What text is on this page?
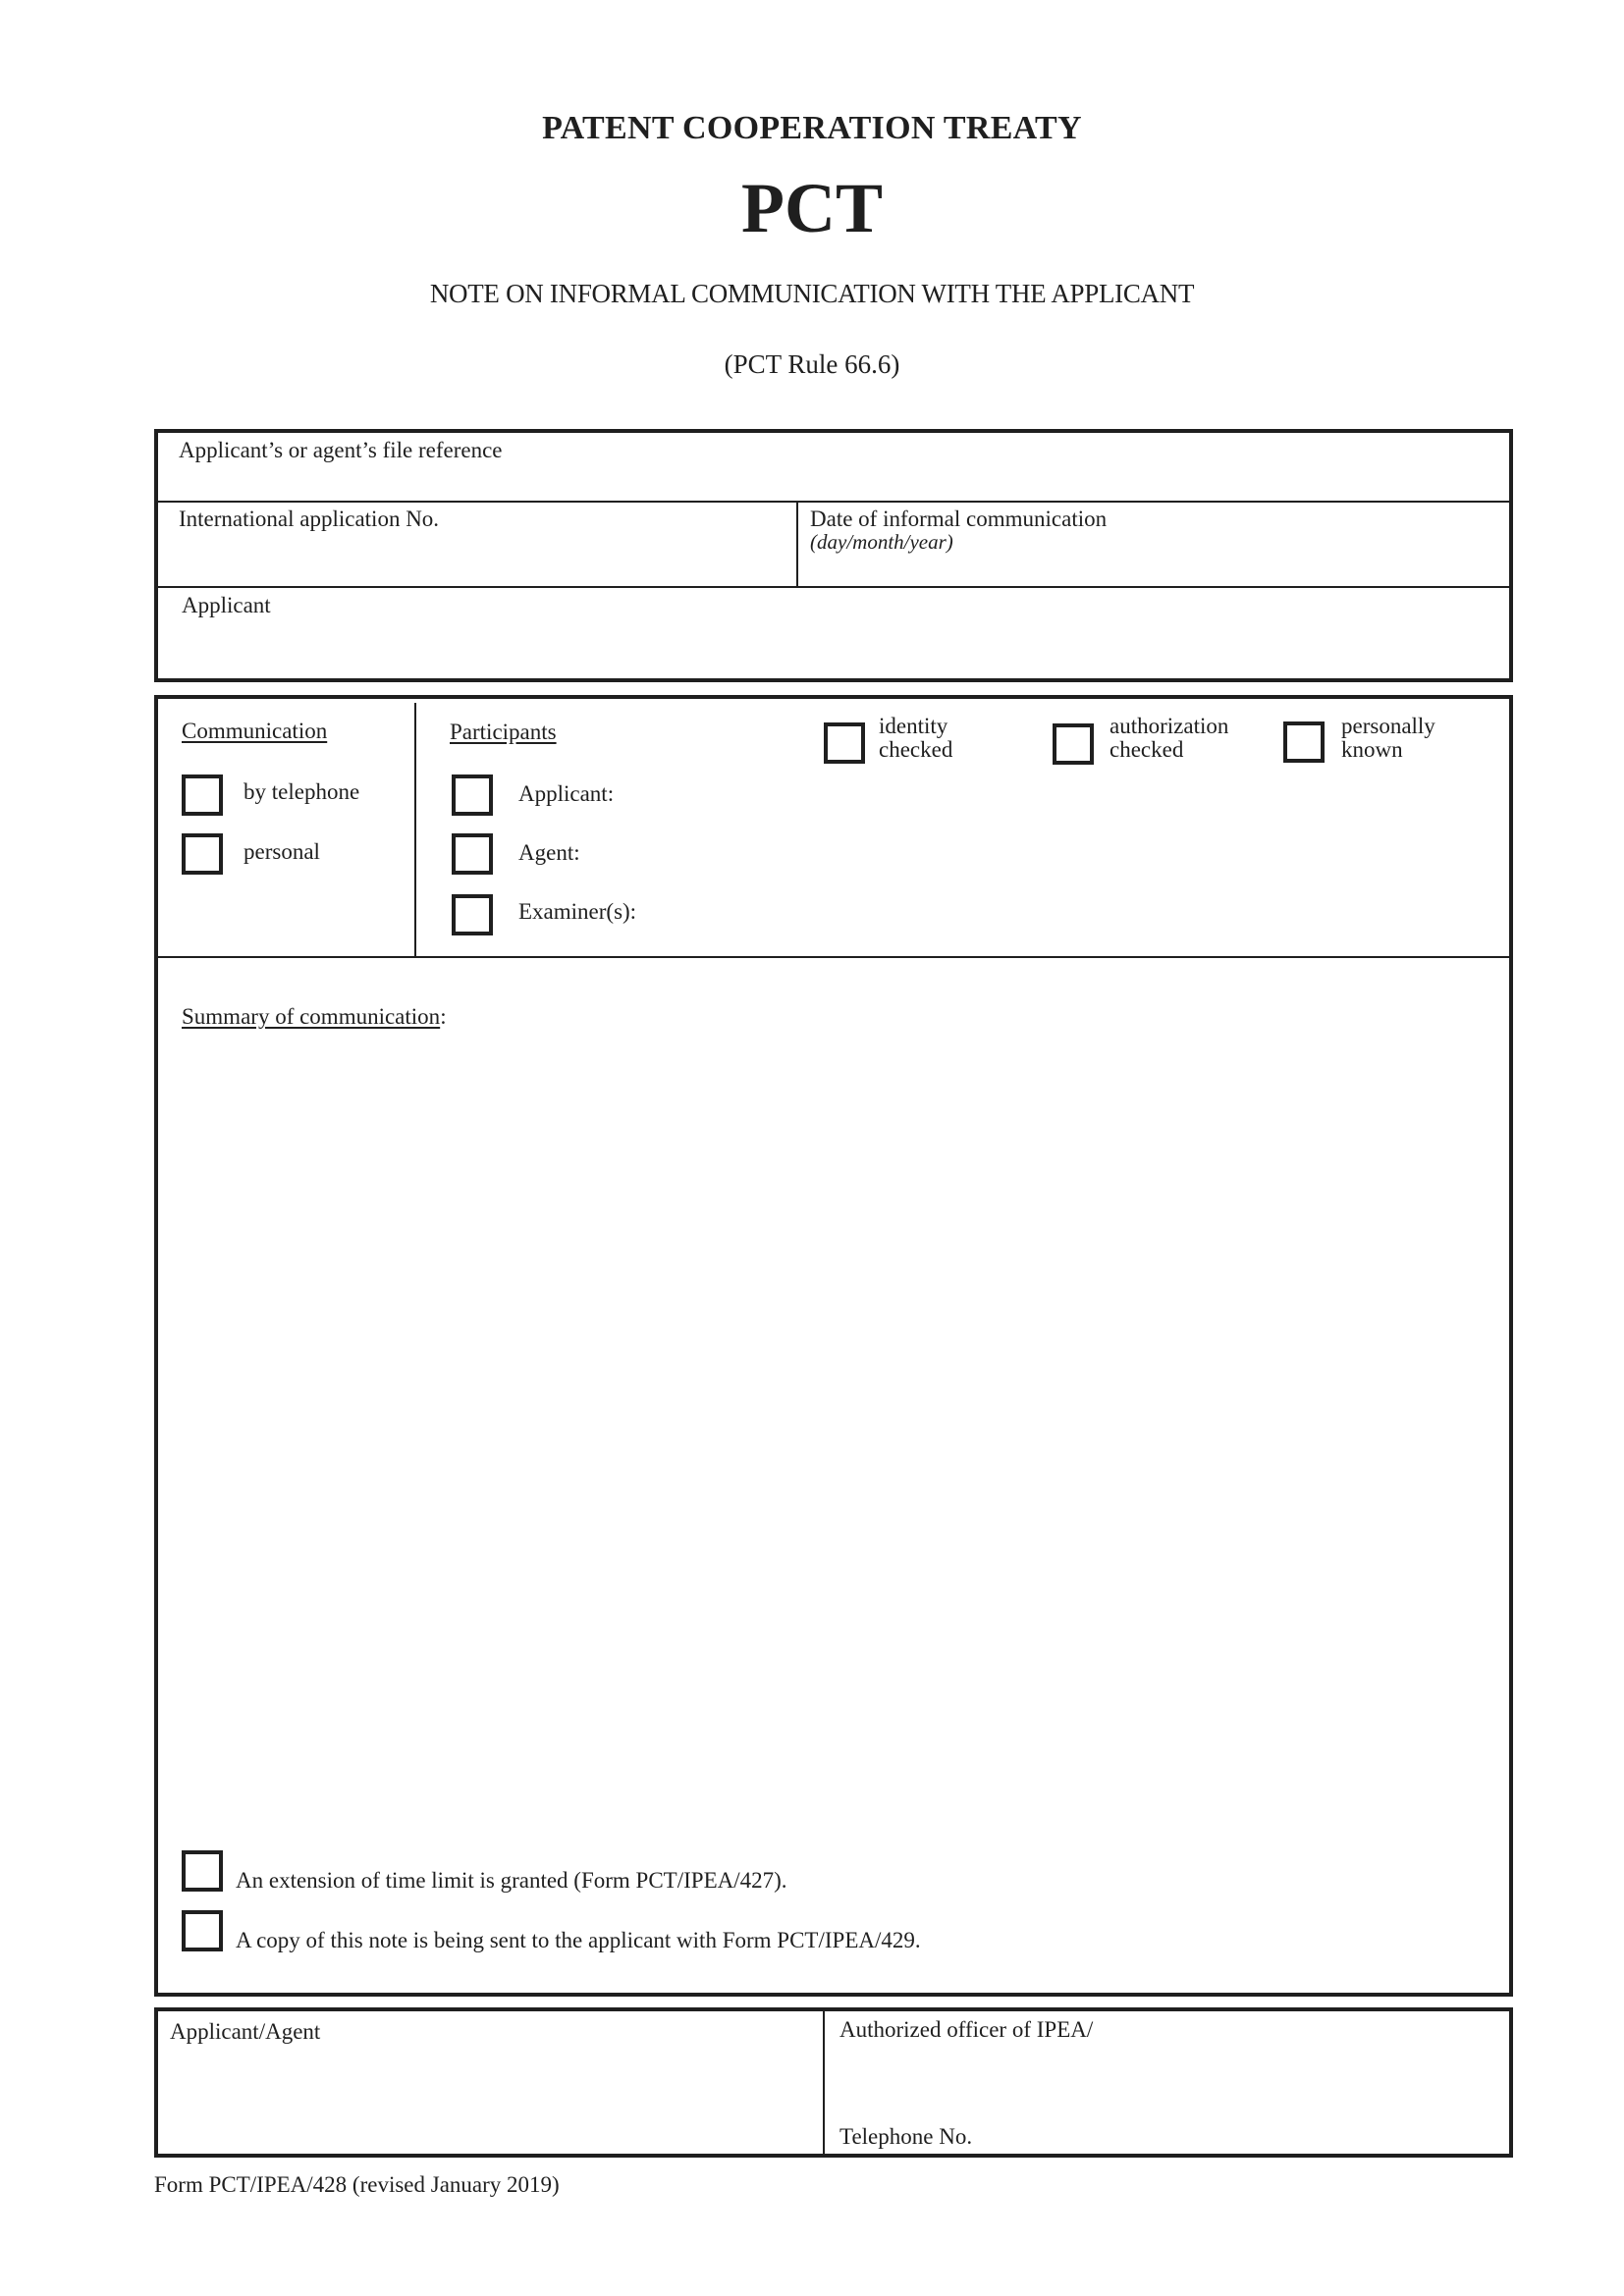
PATENT COOPERATION TREATY
PCT
NOTE ON INFORMAL COMMUNICATION WITH THE APPLICANT
(PCT Rule 66.6)
Applicant’s or agent’s file reference
International application No.	Date of informal communication
(day/month/year)
Applicant
Communication
by telephone
personal
Participants
Applicant:
Agent:
Examiner(s):
identity
checked
authorization
checked
personally
known
Summary of communication:
An extension of time limit is granted (Form PCT/IPEA/427).
A copy of this note is being sent to the applicant with Form PCT/IPEA/429.
Applicant/Agent	Authorized officer of IPEA/
Telephone No.
Form PCT/IPEA/428 (revised January 2019)
